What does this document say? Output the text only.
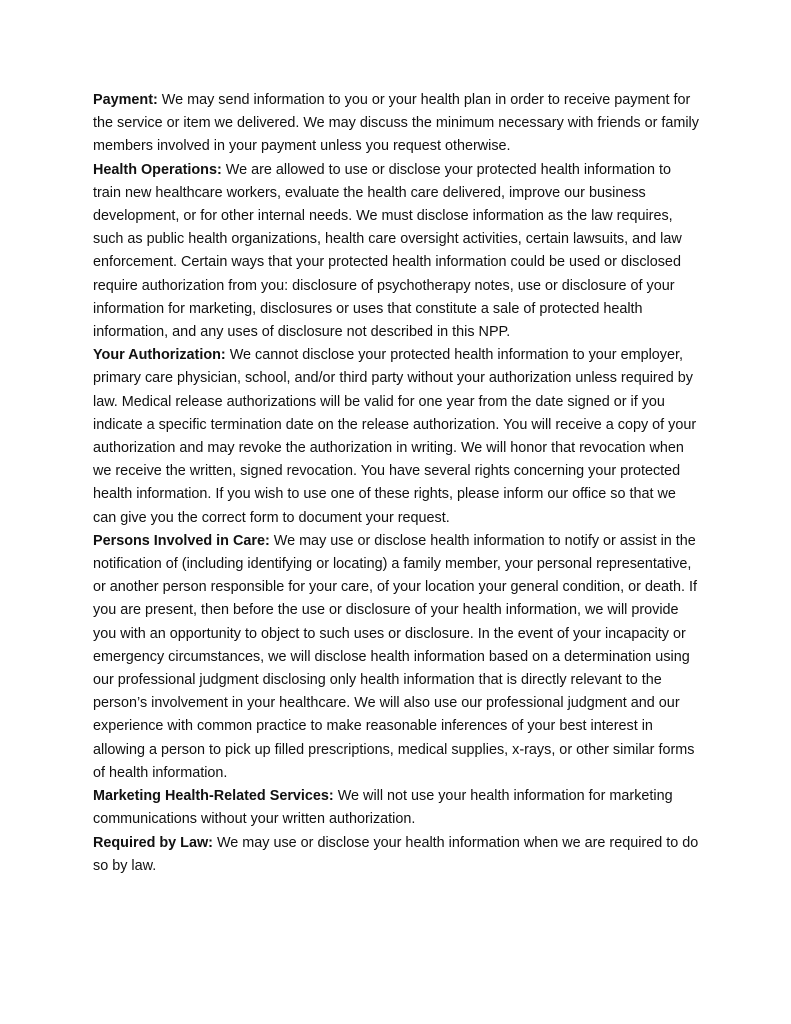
Payment: We may send information to you or your health plan in order to receive payment for the service or item we delivered. We may discuss the minimum necessary with friends or family members involved in your payment unless you request otherwise.

Health Operations: We are allowed to use or disclose your protected health information to train new healthcare workers, evaluate the health care delivered, improve our business development, or for other internal needs. We must disclose information as the law requires, such as public health organizations, health care oversight activities, certain lawsuits, and law enforcement. Certain ways that your protected health information could be used or disclosed require authorization from you: disclosure of psychotherapy notes, use or disclosure of your information for marketing, disclosures or uses that constitute a sale of protected health information, and any uses of disclosure not described in this NPP.

Your Authorization: We cannot disclose your protected health information to your employer, primary care physician, school, and/or third party without your authorization unless required by law. Medical release authorizations will be valid for one year from the date signed or if you indicate a specific termination date on the release authorization. You will receive a copy of your authorization and may revoke the authorization in writing. We will honor that revocation when we receive the written, signed revocation. You have several rights concerning your protected health information. If you wish to use one of these rights, please inform our office so that we can give you the correct form to document your request.

Persons Involved in Care: We may use or disclose health information to notify or assist in the notification of (including identifying or locating) a family member, your personal representative, or another person responsible for your care, of your location your general condition, or death. If you are present, then before the use or disclosure of your health information, we will provide you with an opportunity to object to such uses or disclosure. In the event of your incapacity or emergency circumstances, we will disclose health information based on a determination using our professional judgment disclosing only health information that is directly relevant to the person’s involvement in your healthcare. We will also use our professional judgment and our experience with common practice to make reasonable inferences of your best interest in allowing a person to pick up filled prescriptions, medical supplies, x-rays, or other similar forms of health information.

Marketing Health-Related Services: We will not use your health information for marketing communications without your written authorization.

Required by Law: We may use or disclose your health information when we are required to do so by law.
